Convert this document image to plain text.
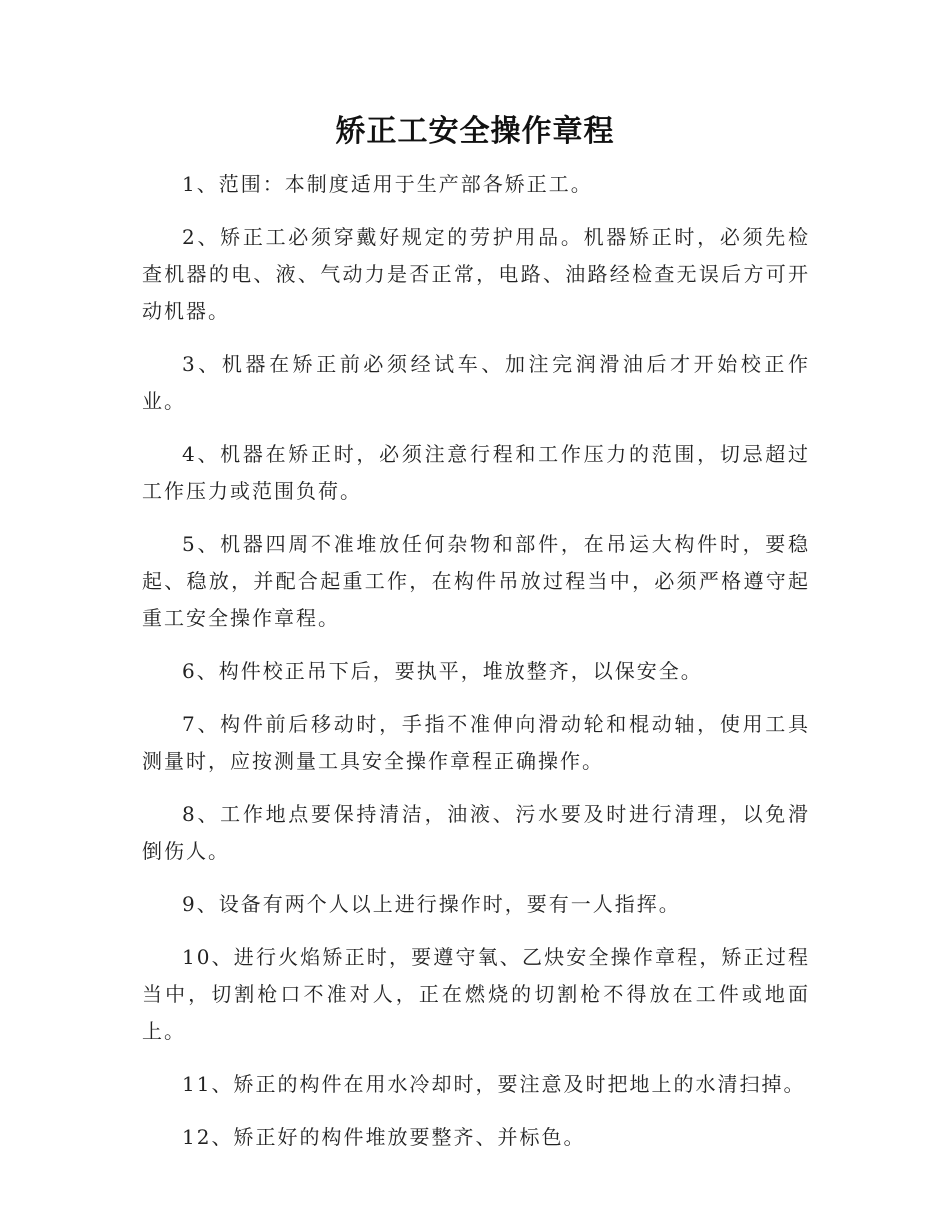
矫正工安全操作章程

1、范围：本制度适用于生产部各矫正工。

2、矫正工必须穿戴好规定的劳护用品。机器矫正时，必须先检查机器的电、液、气动力是否正常，电路、油路经检查无误后方可开动机器。

3、机器在矫正前必须经试车、加注完润滑油后才开始校正作业。

4、机器在矫正时，必须注意行程和工作压力的范围，切忌超过工作压力或范围负荷。

5、机器四周不准堆放任何杂物和部件，在吊运大构件时，要稳起、稳放，并配合起重工作，在构件吊放过程当中，必须严格遵守起重工安全操作章程。

6、构件校正吊下后，要执平，堆放整齐，以保安全。

7、构件前后移动时，手指不准伸向滑动轮和棍动轴，使用工具测量时，应按测量工具安全操作章程正确操作。

8、工作地点要保持清洁，油液、污水要及时进行清理，以免滑倒伤人。

9、设备有两个人以上进行操作时，要有一人指挥。

10、进行火焰矫正时，要遵守氧、乙炔安全操作章程，矫正过程当中，切割枪口不准对人，正在燃烧的切割枪不得放在工件或地面上。

11、矫正的构件在用水冷却时，要注意及时把地上的水清扫掉。

12、矫正好的构件堆放要整齐、并标色。
